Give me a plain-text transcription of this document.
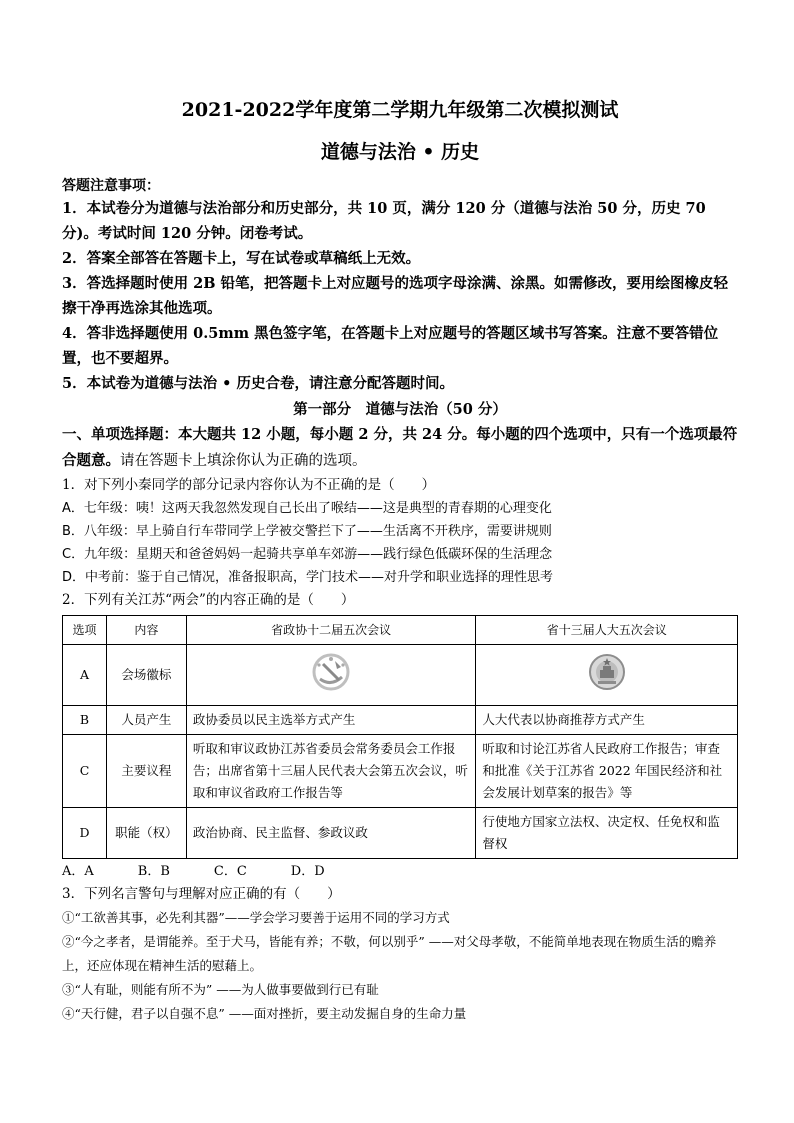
2021-2022学年度第二学期九年级第二次模拟测试
道德与法治 • 历史
答题注意事项：
1．本试卷分为道德与法治部分和历史部分，共 10 页，满分 120 分（道德与法治 50 分，历史 70 分)。考试时间 120 分钟。闭卷考试。
2．答案全部答在答题卡上，写在试卷或草稿纸上无效。
3．答选择题时使用 2B 铅笔，把答题卡上对应题号的选项字母涂满、涂黑。如需修改，要用绘图橡皮轻擦干净再选涂其他选项。
4．答非选择题使用 0.5mm 黑色签字笔，在答题卡上对应题号的答题区域书写答案。注意不要答错位置，也不要超界。
5．本试卷为道德与法治 • 历史合卷，请注意分配答题时间。
第一部分　道德与法治（50 分）
一、单项选择题：本大题共 12 小题，每小题 2 分，共 24 分。每小题的四个选项中，只有一个选项最符合题意。请在答题卡上填涂你认为正确的选项。
1．对下列小秦同学的部分记录内容你认为不正确的是（　　）
A．七年级：咦！这两天我忽然发现自己长出了喉结——这是典型的青春期的心理变化
B．八年级：早上骑自行车带同学上学被交警拦下了——生活离不开秩序，需要讲规则
C．九年级：星期天和爸爸妈妈一起骑共享单车郊游——践行绿色低碳环保的生活理念
D．中考前：鉴于自己情况，准备报职高，学门技术——对升学和职业选择的理性思考
2．下列有关江苏“两会”的内容正确的是（　　）
选项	内容	省政协十二届五次会议	省十三届人大五次会议
A	会场徽标		
B	人员产生	政协委员以民主选举方式产生	人大代表以协商推荐方式产生
C	主要议程	听取和审议政协江苏省委员会常务委员会工作报告；出席省第十三届人民代表大会第五次会议，听取和审议省政府工作报告等	听取和讨论江苏省人民政府工作报告；审查和批准《关于江苏省 2022 年国民经济和社会发展计划草案的报告》等
D	职能（权）	政治协商、民主监督、参政议政	行使地方国家立法权、决定权、任免权和监督权
A．A	B．B	C．C	D．D
3．下列名言警句与理解对应正确的有（　　）
①“工欲善其事，必先利其器”——学会学习要善于运用不同的学习方式
②“今之孝者，是谓能养。至于犬马，皆能有养；不敬，何以别乎” ——对父母孝敬，不能简单地表现在物质生活的赡养上，还应体现在精神生活的慰藉上。
③“人有耻，则能有所不为” ——为人做事要做到行已有耻
④“天行健，君子以自强不息” ——面对挫折，要主动发掘自身的生命力量
